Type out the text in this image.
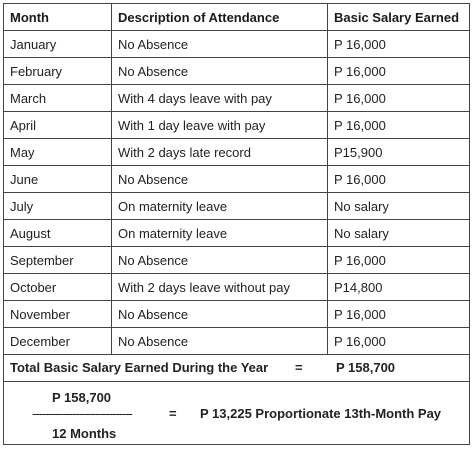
Month	Description of Attendance	Basic Salary Earned
January	No Absence	P 16,000
February	No Absence	P 16,000
March	With 4 days leave with pay	P 16,000
April	With 1 day leave with pay	P 16,000
May	With 2 days late record	P15,900
June	No Absence	P 16,000
July	On maternity leave	No salary
August	On maternity leave	No salary
September	No Absence	P 16,000
October	With 2 days leave without pay	P14,800
November	No Absence	P 16,000
December	No Absence	P 16,000

Total Basic Salary Earned During the Year = P 158,700		

P 158,700
------------------------------
12 Months
= P 13,225 Proportionate 13th-Month Pay		
